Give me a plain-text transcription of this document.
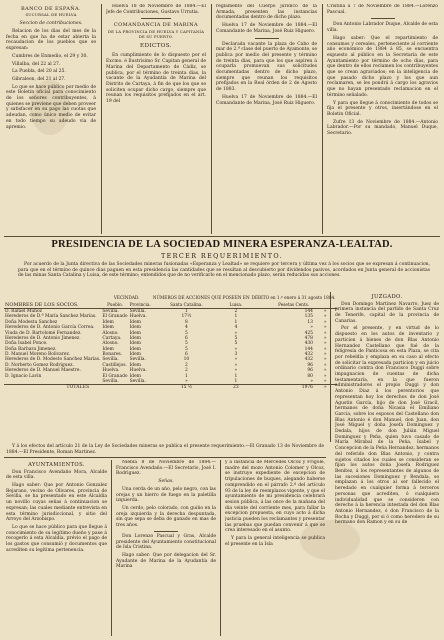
BANCO DE ESPAÑA.
SUCURSAL DE HUELVA
Seccion de contribuciones.

Relacion de los dias del mes de la fecha en que ha de estar abierta la recaudacion de los pueblos que se expresan:

Cumbres de Enmedio, el 29 y 30.

Villalba, del 22 al 27.

La Puebla, del 20 al 25.

Gibraleon, del 21 al 27.

Lo que se hace público por medio de este Boletin oficial para conocimiento de los señores contribuyentes, á quienes se previene que deben proveer y satisfacer en su pago las cuotas que adeudan, como único medio de evitar en todo tiempo su adeudo via de apremio.

Huelva 18 de Noviembre de 1884.—El Jefe de Contribuciones, Gustavo Urrutia.

COMANDANCIA DE MARINA
DE LA PROVINCIA DE HUELVA Y CAPITANÍA DE SU PUERTO.
EDICTOS.

En cumplimiento de lo dispuesto por el Excmo. é Ilustrísimo Sr. Capitan general de Marina del Departamento de Cádiz, se publica, por el término de treinta dias, la vacante de la Ayudantía de Marina del Distrito de Cartaya, á fin de que los que se soliciten ocupar dicho cargo, siempre que reunan los requisitos prefijados en el art. 19 del

reglamento del Cuerpo jurídico de la Armada, presenten las instancias documentadas dentro de dicho plazo.

Huelva 17 de Noviembre de 1884.—El Comandante de Marina, José Ruiz Higuero.

Declarada vacante la plaza de Cabo de mar de 2.ª clase del puerto de Ayamonte, se publica por medio del presente y término de treinta dias, para que los que aspiren á ocuparla promuevan sus solicitudes documentadas dentro de dicho plazo, siempre que reunan los requisitos prefijados en la Real órden de 2 de Agosto de 1883.

Huelva 17 de Noviembre de 1884.—El Comandante de Marina, José Ruiz Higuero.

Cristina á 7 de Noviembre de 1884.—Lorenzo Pascual.

Don Antonio Labrador Duque, Alcalde de esta villa.

Hago saber: Que el repartimiento de consumos y cereales, perteneciente al corriente año económico de 1884 á 85, se encuentra expuesto al público en la Secretaría de este Ayuntamiento por término de ocho dias, para que dentro de ellos reclamen los contribuyentes que se crean agraviados; en la inteligencia de que pasado dicho plazo y los que aun reclamaren, se les pondrá á cargo los agravios que no hayan presentado reclamacion en el término señalado.

Y para que llegue á conocimiento de todos se fija el presente y otros, insertándose en el Boletin Oficial.

Zufre 13 de Noviembre de 1884.—Antonio Labrador.—Por su mandado, Manuel Duque, Secretario.

PRESIDENCIA DE LA SOCIEDAD MINERA ESPERANZA-LEALTAD.
TERCER REQUERIMIENTO.

Por acuerdo de la Junta directiva de las Sociedades mineras fusionadas «Esperanza y Lealtad» se requiere por tercera y última vez á los socios que se expresan á continuacion, para que en el término de quince dias paguen en esta presidencia las cantidades que se resultan al descubierto por dividendos pasivos, acordados en Junta general de accionistas de las minas Santa Catalina y Luisa, de este término; entendidos que de no verificarlo en el mencionado plazo, serán reducidas sus acciones.

NOMBRES DE LOS SOCIOS.	VECINDAD.		NÚMEROS DE ACCIONES QUE POSEEN EN		DÉBITO en 1.º enero á 31 agosto 1884.	
	Pueblo.	Provincia.	Santa Catalina.	Luisa.	Pesetas Cents.	
D. Rafael Muñoz	Sevilla.	Sevilla.	1	2	144	»
Herederos de D.ª María Sanchez Marías.	El Granado	Huelva.	17½	1	135	»
Doña Modesta Sanchez	Idem	Idem	8	1	13	»
Herederos de D. Antonio García Correa.	Idem	Idem	4	4	»	»
Viuda de D. Bartolomé Fernandez.	Alosno.	Idem	5	»	425	»
Herederos de D. Antonio Jimenez.	Cartaya.	Idem	6	5	478	»
Doña Isabel Ponce.	Alosno.	Idem	5	5	430	»
Doña Barbara Jimenez.	Idem	Idem	5	»	144	»
D. Manuel Moreno Bolivarez.	Bonares.	Idem	6	3	432	»
Herederos de D. Modesto Sanchez Marías.	Sevilla.	Sevilla.	10	»	432	»
D. Norberto Gomez Rodriguez.	Castillejos.	Idem	2	»	96	»
Herederos de D. Manuel Maestre.	Huelva.	Huelva.	2	»	96	»
D. Ignacio Lavin	El Granado	Idem	1	1	80	»
	Sevilla.	Sevilla.	»	1	»	»
TOTALES			15 ½	23	1976	»

Y á los efectos del artículo 21 de la Ley de Sociedades mineras se publica el presente requerimiento.—El Granado 13 de Noviembre de 1884.—El Presidente, Roman Martinez.

AYUNTAMIENTOS.

Don Francisco Avendaño Mora, Alcalde de esta villa.

Hago saber: Que por Antonio Gonzalez Bejarano, vecino de Olivares, provincia de Sevilla, se ha presentado en este Alcaldía un novillo cuyas señas á continuacion se expresan; las cuales mediante entrevista en esta término jurisdiccional, y sitio del Arroyo del Arzobispo.

Lo que se hace público para que llegue á conocimiento de su legítimo dueño y pase á recogerlo á esta Alcaldía, prévio el pago de los gastos que consumió y documentos que acrediten su legítima pertenencia.

Niebla 8 de Noviembre de 1884.—Francisco Avendaño.—El Secretario, José I. Rodriguez.

Señas.

Una cerda de un año, pelo negro, con las orejas y un hierro de fuego en la paletilla izquierda.

Un cerdo, pelo colorado, con guiño en la oreja izquierda y la derecha despuntada, sin que sepa se deba de ganado en mas de tres años.

Don Lorenzo Pascual y Gras, Alcalde presidente del Ayuntamiento constitucional de Isla Cristina.

Hago saber: Que por delegacion del Sr. Ayudante de Marina de la Ayudantía de Marina

y á instancia de Mercedes Olcoz y Frigolé, madre del mozo Antonio Colomer y Olcoz, se instruye expediente de excepcion de tripulaciones de buques, alegando haberse comprendido en el párrafo 2.º del artículo 93 de la ley de reemplazos vigente, y que el ayuntamiento de mi presidencia celebrará sesion pública, á las once de la mañana del dia veinte del corriente mes, para fallar la excepcion propuesta, en cuyo acto á dicha justicia pueden los reclamantes y presentar las pruebas que puedan convenir á que se crea interesado en el asunto.

Y para la general inteligencia se publica el presente en la Isla

JUZGADO.

Don Domingo Martinez Navarro, Juez de primera instancia del partido de Santa Cruz de Tenerife, capital de la provincia de Canarias.

Por el presente, y en virtud de lo dispuesto en los autos de inventario y particion á bienes de don Blas Antonio Hernandez Castellano que fué de la feligresía de Panticosa en esta Plaza, se cita por rebeldía y emplaza en su caso al efecto de solicitar la expresada particion y en juicio ordinario contra don Francisco Duggi sobre impugnacion de cuentas de dicha testamentaría, en la que fueron administradores el propio Duggi y don Antonio Diaz á los perentorios que representan hoy los derechos de don José Agustin García, hijo de don José Gracil, hermanos de doña Nicasia el Emiliano Garcia, sobre los esposos del Castellano don Blas Antonio é don Manuel, don Juan, don José Miguel y doña Josefa Dominguez y Dedala, hijos de don Julián Miguel Dominguez y Peña, quien tuvo casado de María Mirabal de la Peña, Isabel y Concepcion de la Peña Hernandez, hermanos del referido don Blas Antonio, y contra sujetos citados los cuales se consideran se fijan los autos doña Josefa Rodriguez Benítez, á los representantes de algunos de las sucesiones Dominguez y Bendala, se emplazan á los otros al ser fallecido el heredado en cualquier forma á terceros personas que acrediten, ó cualquiera individualidad que se consideren con derecho á la herencia intestada del don Blas Antonio Hernandez, ó don Francisco de la Rocha y Duggi, por si ó como heredero de su hermano don Ramon y en su de
